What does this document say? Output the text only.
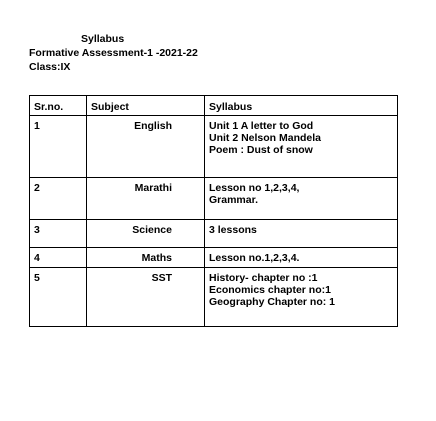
Syllabus
Formative Assessment-1 -2021-22
Class:IX
Sr.no.	Subject	Syllabus
1	English	Unit 1 A letter to God
Unit 2 Nelson Mandela
Poem : Dust of snow

2	Marathi	Lesson no 1,2,3,4,
Grammar.

3	Science	3 lessons

4	Maths	Lesson no.1,2,3,4.

5	SST	History- chapter no :1
Economics chapter no:1
Geography Chapter no: 1
